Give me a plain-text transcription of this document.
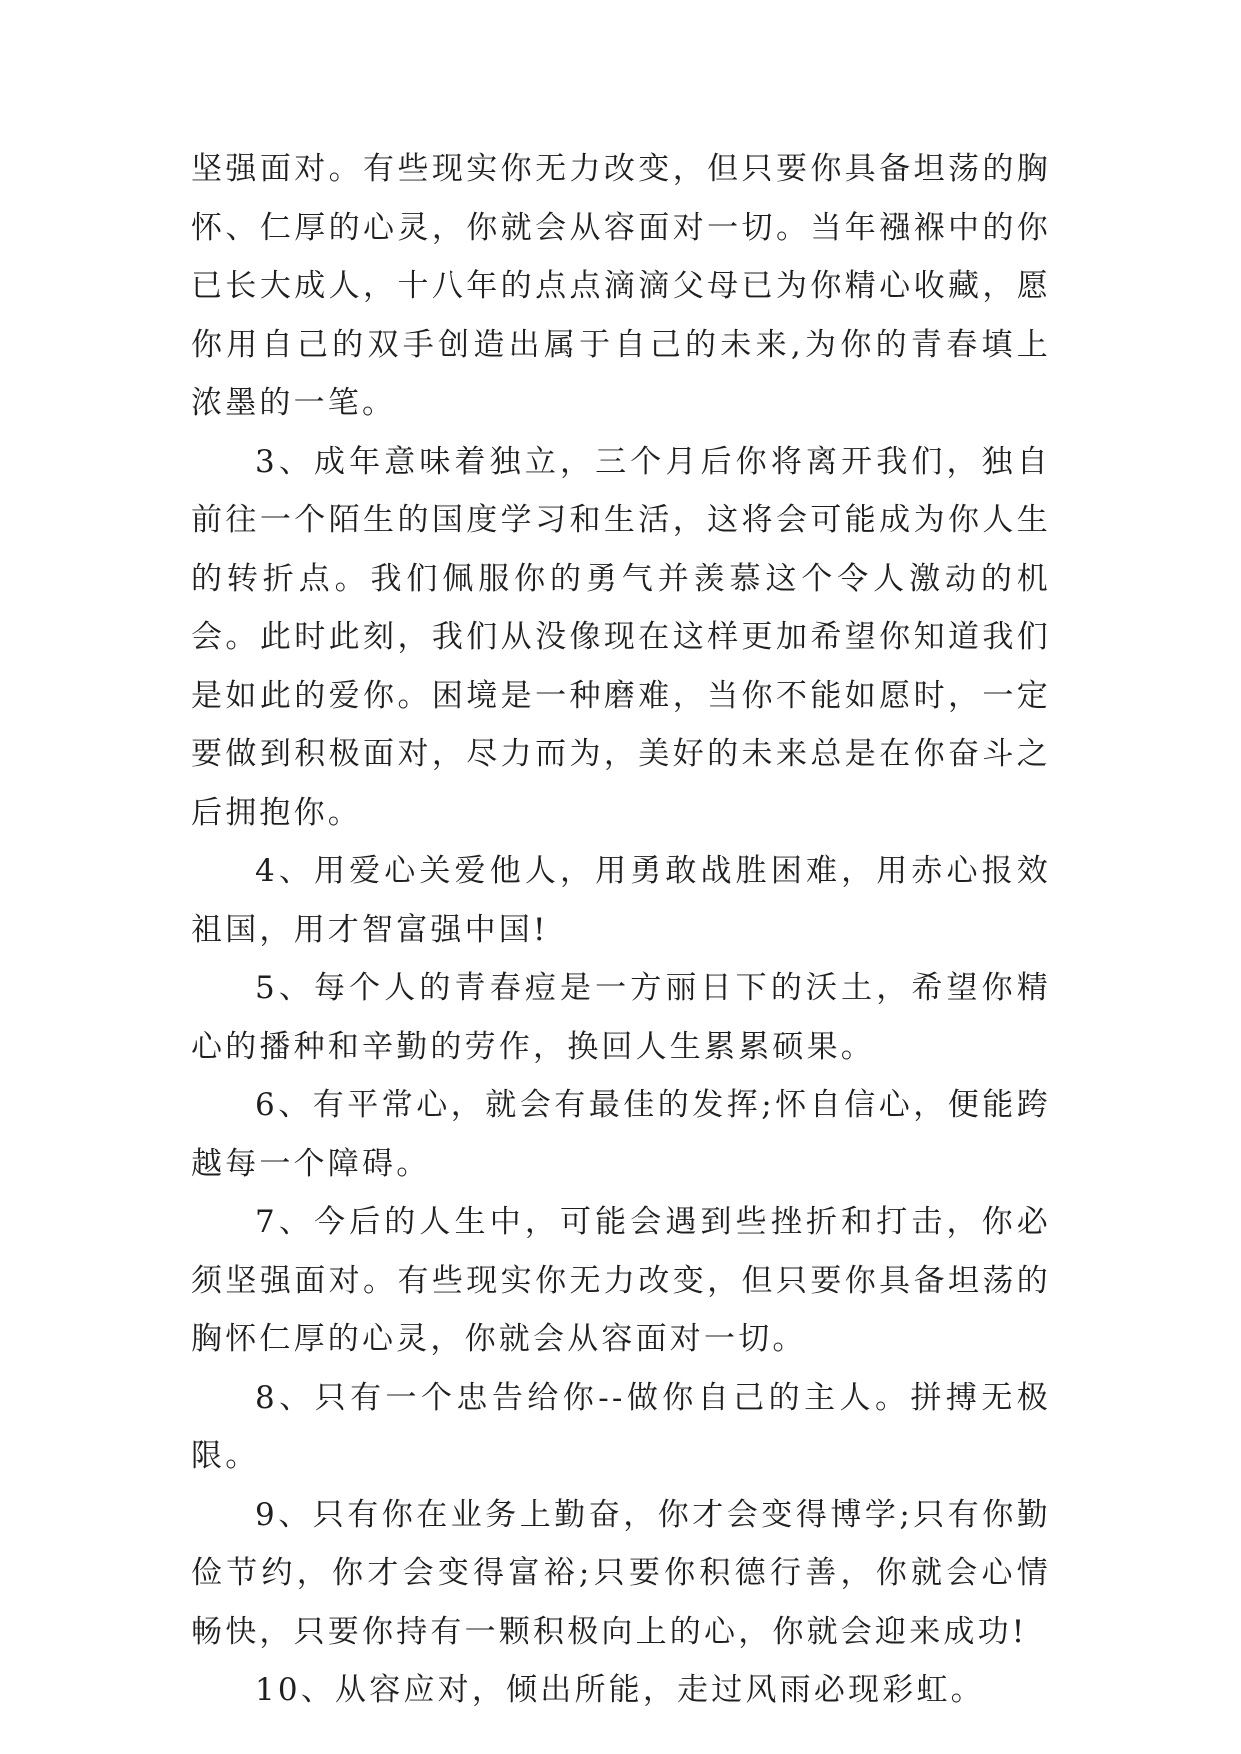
坚强面对。有些现实你无力改变，但只要你具备坦荡的胸怀、仁厚的心灵，你就会从容面对一切。当年襁褓中的你已长大成人，十八年的点点滴滴父母已为你精心收藏，愿你用自己的双手创造出属于自己的未来,为你的青春填上浓墨的一笔。

3、成年意味着独立，三个月后你将离开我们，独自前往一个陌生的国度学习和生活，这将会可能成为你人生的转折点。我们佩服你的勇气并羡慕这个令人激动的机会。此时此刻，我们从没像现在这样更加希望你知道我们是如此的爱你。困境是一种磨难，当你不能如愿时，一定要做到积极面对，尽力而为，美好的未来总是在你奋斗之后拥抱你。

4、用爱心关爱他人，用勇敢战胜困难，用赤心报效祖国，用才智富强中国!

5、每个人的青春痘是一方丽日下的沃土，希望你精心的播种和辛勤的劳作，换回人生累累硕果。

6、有平常心，就会有最佳的发挥;怀自信心，便能跨越每一个障碍。

7、今后的人生中，可能会遇到些挫折和打击，你必须坚强面对。有些现实你无力改变，但只要你具备坦荡的胸怀仁厚的心灵，你就会从容面对一切。

8、只有一个忠告给你--做你自己的主人。拼搏无极限。

9、只有你在业务上勤奋，你才会变得博学;只有你勤俭节约，你才会变得富裕;只要你积德行善，你就会心情畅快，只要你持有一颗积极向上的心，你就会迎来成功!

10、从容应对，倾出所能，走过风雨必现彩虹。
